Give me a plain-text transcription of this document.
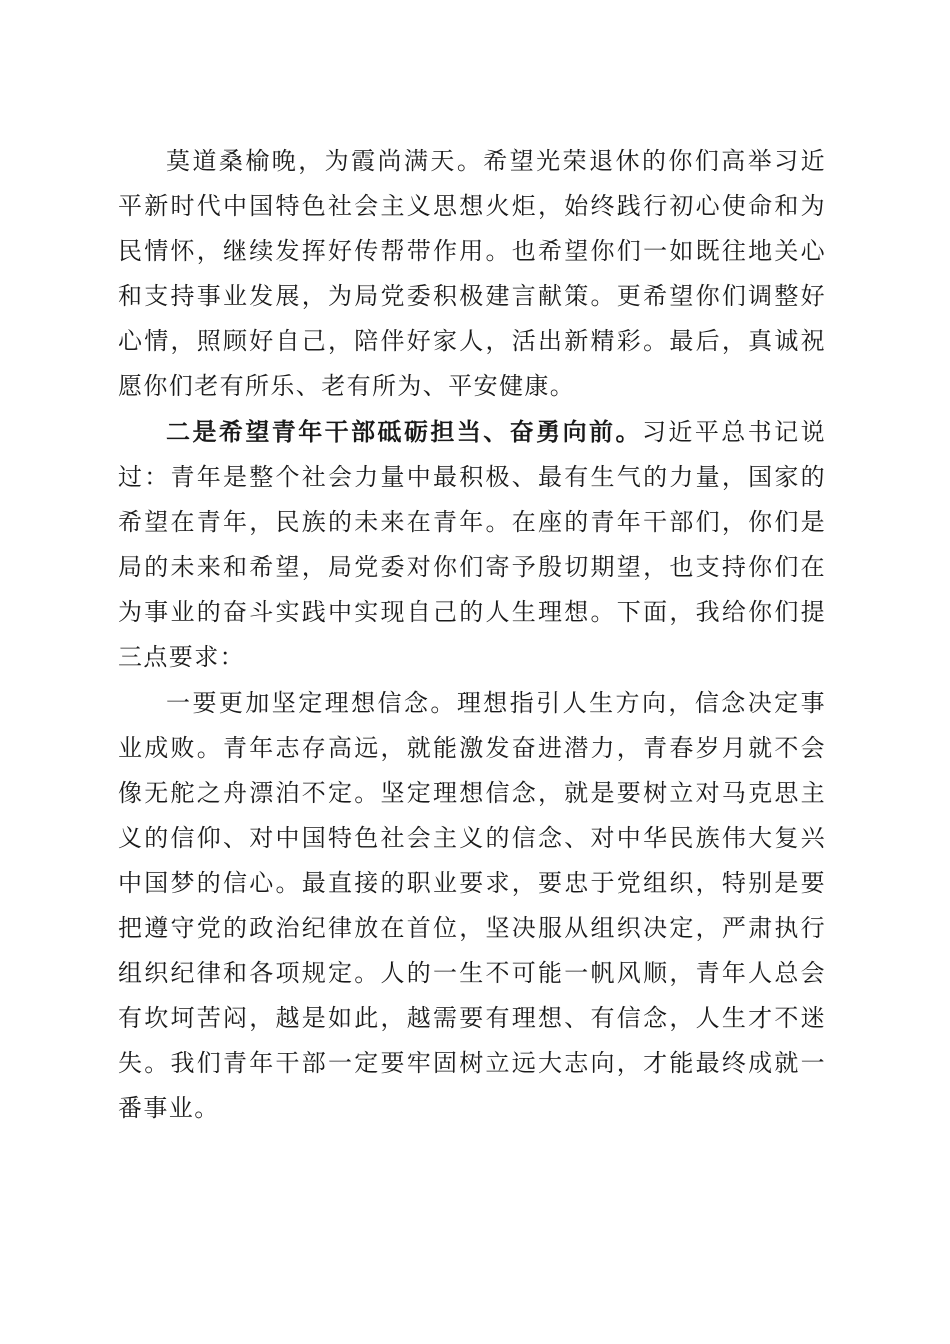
莫道桑榆晚，为霞尚满天。希望光荣退休的你们高举习近平新时代中国特色社会主义思想火炬，始终践行初心使命和为民情怀，继续发挥好传帮带作用。也希望你们一如既往地关心和支持事业发展，为局党委积极建言献策。更希望你们调整好心情，照顾好自己，陪伴好家人，活出新精彩。最后，真诚祝愿你们老有所乐、老有所为、平安健康。

二是希望青年干部砥砺担当、奋勇向前。习近平总书记说过：青年是整个社会力量中最积极、最有生气的力量，国家的希望在青年，民族的未来在青年。在座的青年干部们，你们是局的未来和希望，局党委对你们寄予殷切期望，也支持你们在为事业的奋斗实践中实现自己的人生理想。下面，我给你们提三点要求：

一要更加坚定理想信念。理想指引人生方向，信念决定事业成败。青年志存高远，就能激发奋进潜力，青春岁月就不会像无舵之舟漂泊不定。坚定理想信念，就是要树立对马克思主义的信仰、对中国特色社会主义的信念、对中华民族伟大复兴中国梦的信心。最直接的职业要求，要忠于党组织，特别是要把遵守党的政治纪律放在首位，坚决服从组织决定，严肃执行组织纪律和各项规定。人的一生不可能一帆风顺，青年人总会有坎坷苦闷，越是如此，越需要有理想、有信念，人生才不迷失。我们青年干部一定要牢固树立远大志向，才能最终成就一番事业。
